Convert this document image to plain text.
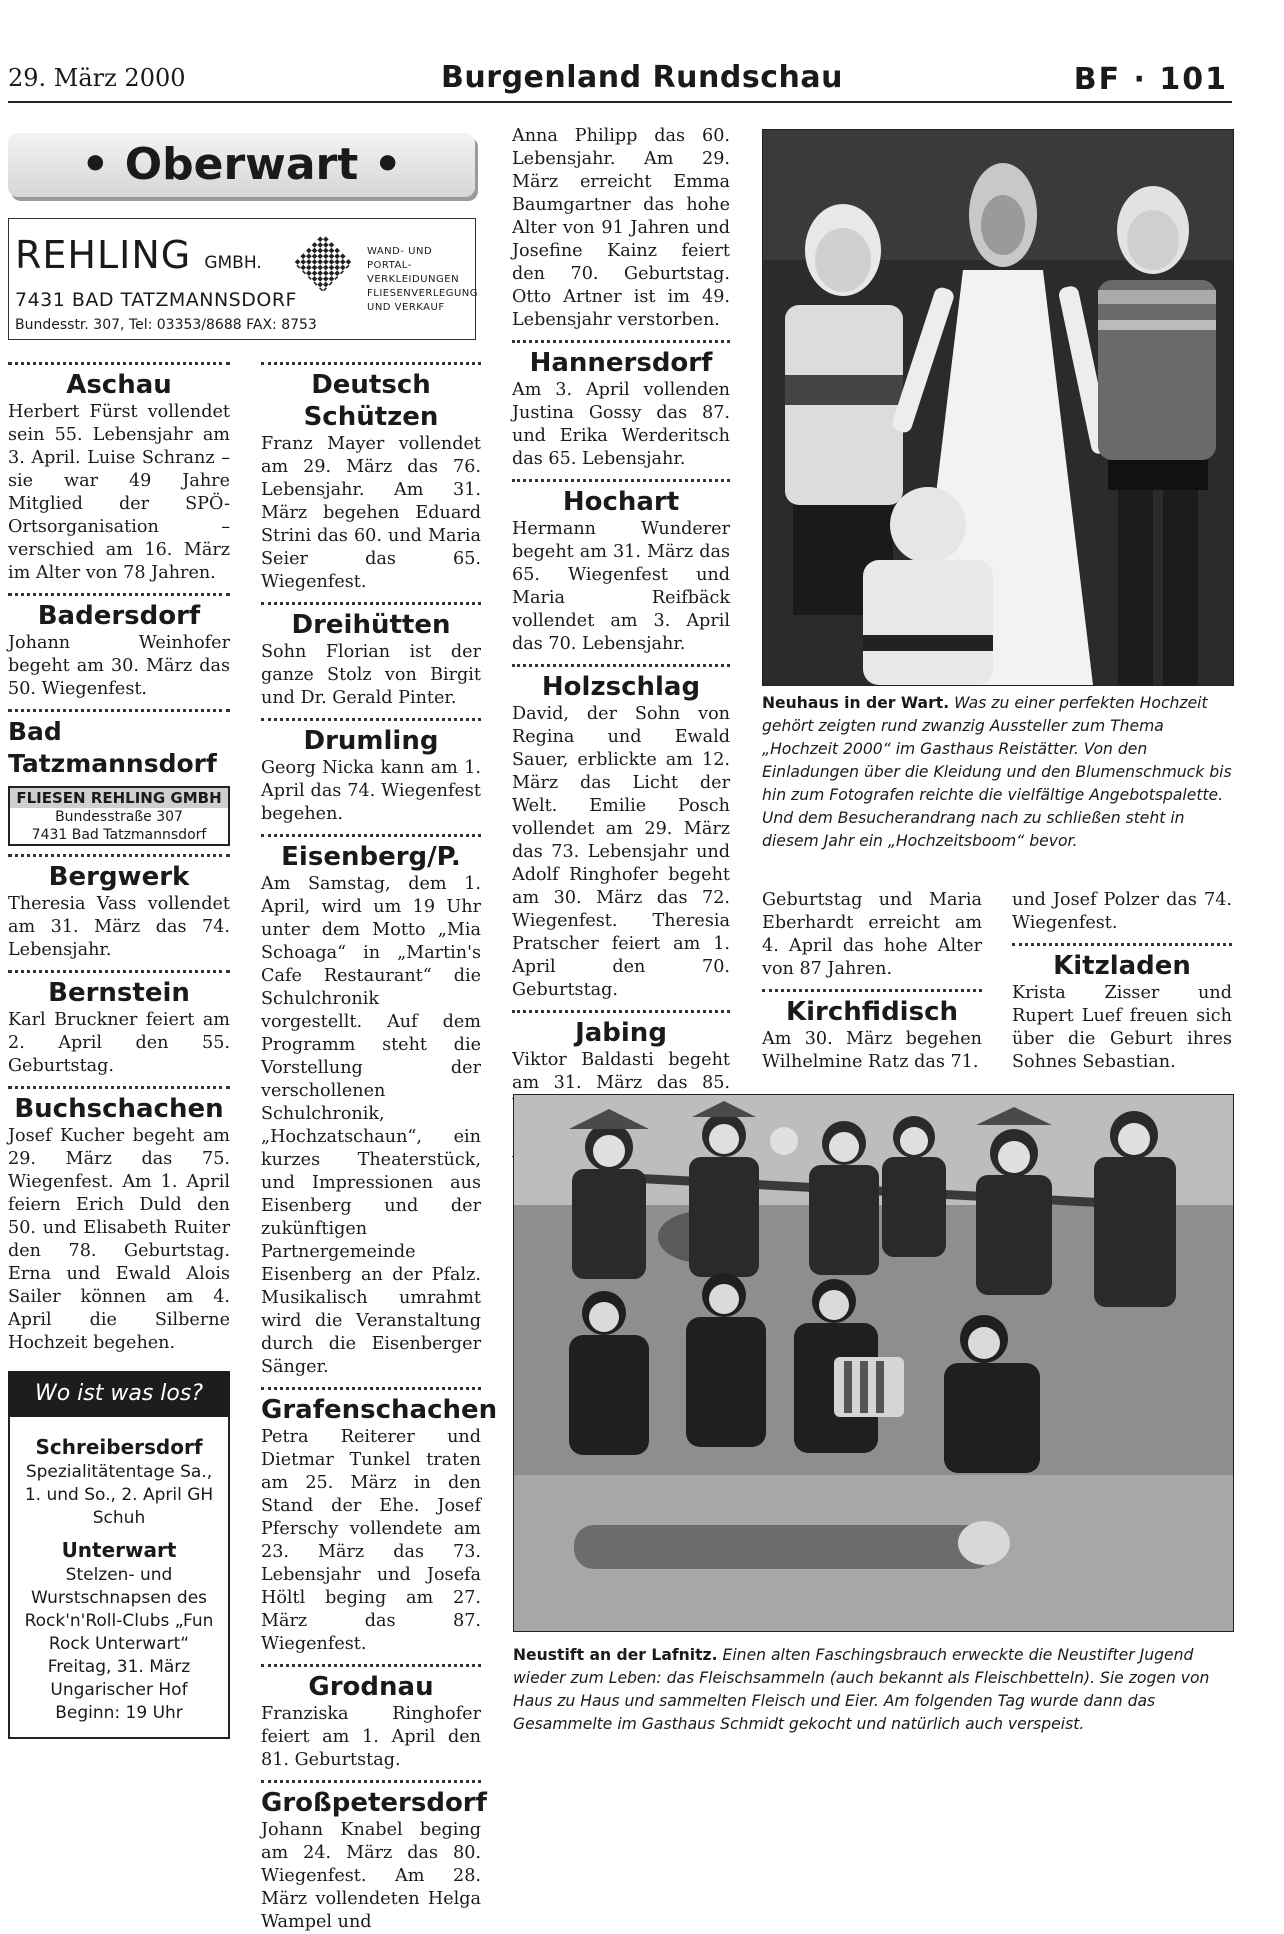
29. März 2000	Burgenland Rundschau	BF · 101
• Oberwart •
REHLING GMBH.
WAND- UND
PORTAL-
VERKLEIDUNGEN
FLIESENVERLEGUNG
UND VERKAUF
7431 BAD TATZMANNSDORF
Bundesstr. 307, Tel: 03353/8688 FAX: 8753
Aschau

Herbert Fürst vollendet sein 55. Lebensjahr am 3. April. Luise Schranz – sie war 49 Jahre Mitglied der SPÖ-Ortsorganisation – verschied am 16. März im Alter von 78 Jahren.

Badersdorf

Johann Weinhofer begeht am 30. März das 50. Wiegenfest.

Bad Tatzmannsdorf
FLIESEN REHLING GMBH
Bundesstraße 307
7431 Bad Tatzmannsdorf
Bergwerk

Theresia Vass vollendet am 31. März das 74. Lebensjahr.

Bernstein

Karl Bruckner feiert am 2. April den 55. Geburtstag.

Buchschachen

Josef Kucher begeht am 29. März das 75. Wiegenfest. Am 1. April feiern Erich Duld den 50. und Elisabeth Ruiter den 78. Geburtstag. Erna und Ewald Alois Sailer können am 4. April die Silberne Hochzeit begehen.

Wo ist was los?
Schreibersdorf
Spezialitätentage Sa., 1. und So., 2. April GH Schuh
Unterwart
Stelzen- und Wurstschnapsen des Rock'n'Roll-Clubs „Fun Rock Unterwart“ Freitag, 31. März Ungarischer Hof Beginn: 19 Uhr
Deutsch Schützen

Franz Mayer vollendet am 29. März das 76. Lebensjahr. Am 31. März begehen Eduard Strini das 60. und Maria Seier das 65. Wiegenfest.

Dreihütten

Sohn Florian ist der ganze Stolz von Birgit und Dr. Gerald Pinter.

Drumling

Georg Nicka kann am 1. April das 74. Wiegenfest begehen.

Eisenberg/P.

Am Samstag, dem 1. April, wird um 19 Uhr unter dem Motto „Mia Schoaga“ in „Martin's Cafe Restaurant“ die Schulchronik vorgestellt. Auf dem Programm steht die Vorstellung der verschollenen Schulchronik, „Hochzatschaun“, ein kurzes Theaterstück, und Impressionen aus Eisenberg und der zukünftigen Partnergemeinde Eisenberg an der Pfalz. Musikalisch umrahmt wird die Veranstaltung durch die Eisenberger Sänger.

Grafenschachen

Petra Reiterer und Dietmar Tunkel traten am 25. März in den Stand der Ehe. Josef Pferschy vollendete am 23. März das 73. Lebensjahr und Josefa Höltl beging am 27. März das 87. Wiegenfest.

Grodnau

Franziska Ringhofer feiert am 1. April den 81. Geburtstag.

Großpetersdorf

Johann Knabel beging am 24. März das 80. Wiegenfest. Am 28. März vollendeten Helga Wampel und

Anna Philipp das 60. Lebensjahr. Am 29. März erreicht Emma Baumgartner das hohe Alter von 91 Jahren und Josefine Kainz feiert den 70. Geburtstag. Otto Artner ist im 49. Lebensjahr verstorben.

Hannersdorf

Am 3. April vollenden Justina Gossy das 87. und Erika Werderitsch das 65. Lebensjahr.

Hochart

Hermann Wunderer begeht am 31. März das 65. Wiegenfest und Maria Reifbäck vollendet am 3. April das 70. Lebensjahr.

Holzschlag

David, der Sohn von Regina und Ewald Sauer, erblickte am 12. März das Licht der Welt. Emilie Posch vollendet am 29. März das 73. Lebensjahr und Adolf Ringhofer begeht am 30. März das 72. Wiegenfest. Theresia Pratscher feiert am 1. April den 70. Geburtstag.

Jabing

Viktor Baldasti begeht am 31. März das 85.

Neuhaus in der Wart. Was zu einer perfekten Hochzeit gehört zeigten rund zwanzig Aussteller zum Thema „Hochzeit 2000“ im Gasthaus Reistätter. Von den Einladungen über die Kleidung und den Blumenschmuck bis hin zum Fotografen reichte die vielfältige Angebotspalette. Und dem Besucherandrang nach zu schließen steht in diesem Jahr ein „Hochzeitsboom“ bevor.

Geburtstag und Maria Eberhardt erreicht am 4. April das hohe Alter von 87 Jahren.

Kirchfidisch

Am 30. März begehen Wilhelmine Ratz das 71.

und Josef Polzer das 74. Wiegenfest.

Kitzladen

Krista Zisser und Rupert Luef freuen sich über die Geburt ihres Sohnes Sebastian.

Neustift an der Lafnitz. Einen alten Faschingsbrauch erweckte die Neustifter Jugend wieder zum Leben: das Fleischsammeln (auch bekannt als Fleischbetteln). Sie zogen von Haus zu Haus und sammelten Fleisch und Eier. Am folgenden Tag wurde dann das Gesammelte im Gasthaus Schmidt gekocht und natürlich auch verspeist.
